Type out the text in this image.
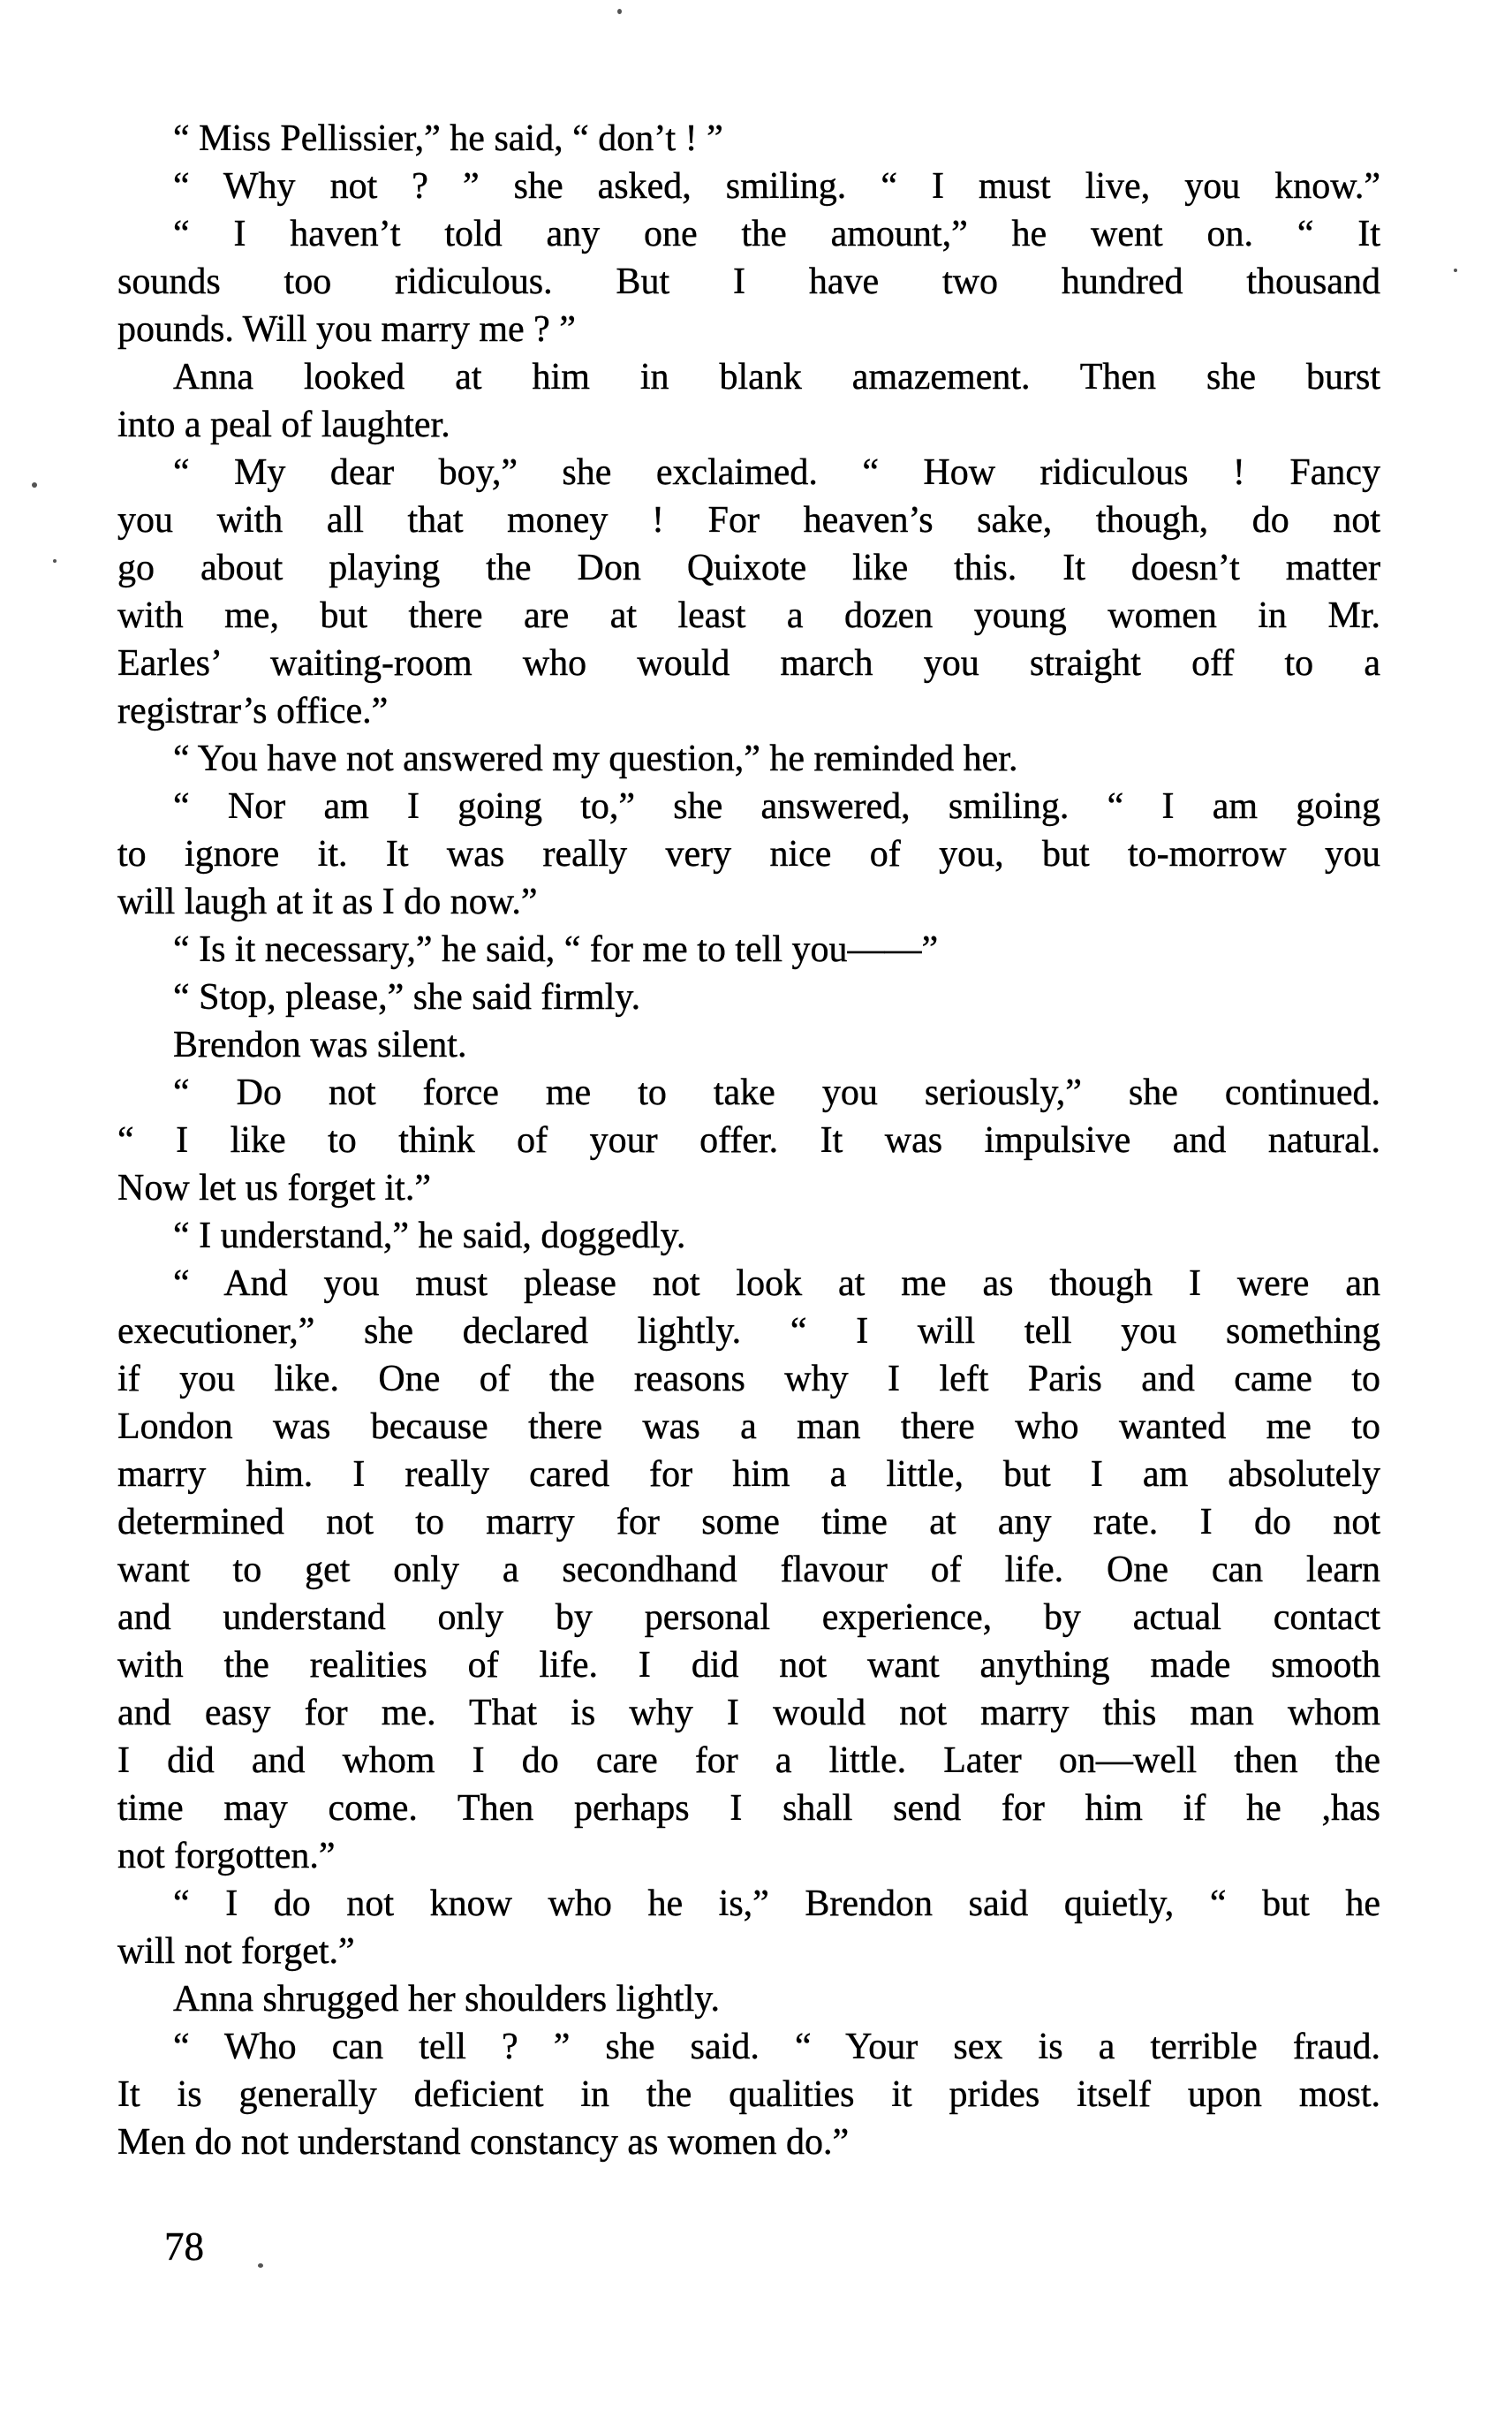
“ Miss Pellissier,” he said, “ don’t ! ”
“ Why not ? ” she asked, smiling. “ I must live, you know.”
“ I haven’t told any one the amount,” he went on. “ It
sounds too ridiculous. But I have two hundred thousand
pounds. Will you marry me ? ”
Anna looked at him in blank amazement. Then she burst
into a peal of laughter.
“ My dear boy,” she exclaimed. “ How ridiculous ! Fancy
you with all that money ! For heaven’s sake, though, do not
go about playing the Don Quixote like this. It doesn’t matter
with me, but there are at least a dozen young women in Mr.
Earles’ waiting-room who would march you straight off to a
registrar’s office.”
“ You have not answered my question,” he reminded her.
“ Nor am I going to,” she answered, smiling. “ I am going
to ignore it. It was really very nice of you, but to-morrow you
will laugh at it as I do now.”
“ Is it necessary,” he said, “ for me to tell you——”
“ Stop, please,” she said firmly.
Brendon was silent.
“ Do not force me to take you seriously,” she continued.
“ I like to think of your offer. It was impulsive and natural.
Now let us forget it.”
“ I understand,” he said, doggedly.
“ And you must please not look at me as though I were an
executioner,” she declared lightly. “ I will tell you something
if you like. One of the reasons why I left Paris and came to
London was because there was a man there who wanted me to
marry him. I really cared for him a little, but I am absolutely
determined not to marry for some time at any rate. I do not
want to get only a secondhand flavour of life. One can learn
and understand only by personal experience, by actual contact
with the realities of life. I did not want anything made smooth
and easy for me. That is why I would not marry this man whom
I did and whom I do care for a little. Later on—well then the
time may come. Then perhaps I shall send for him if he ,has
not forgotten.”
“ I do not know who he is,” Brendon said quietly, “ but he
will not forget.”
Anna shrugged her shoulders lightly.
“ Who can tell ? ” she said. “ Your sex is a terrible fraud.
It is generally deficient in the qualities it prides itself upon most.
Men do not understand constancy as women do.”
78
